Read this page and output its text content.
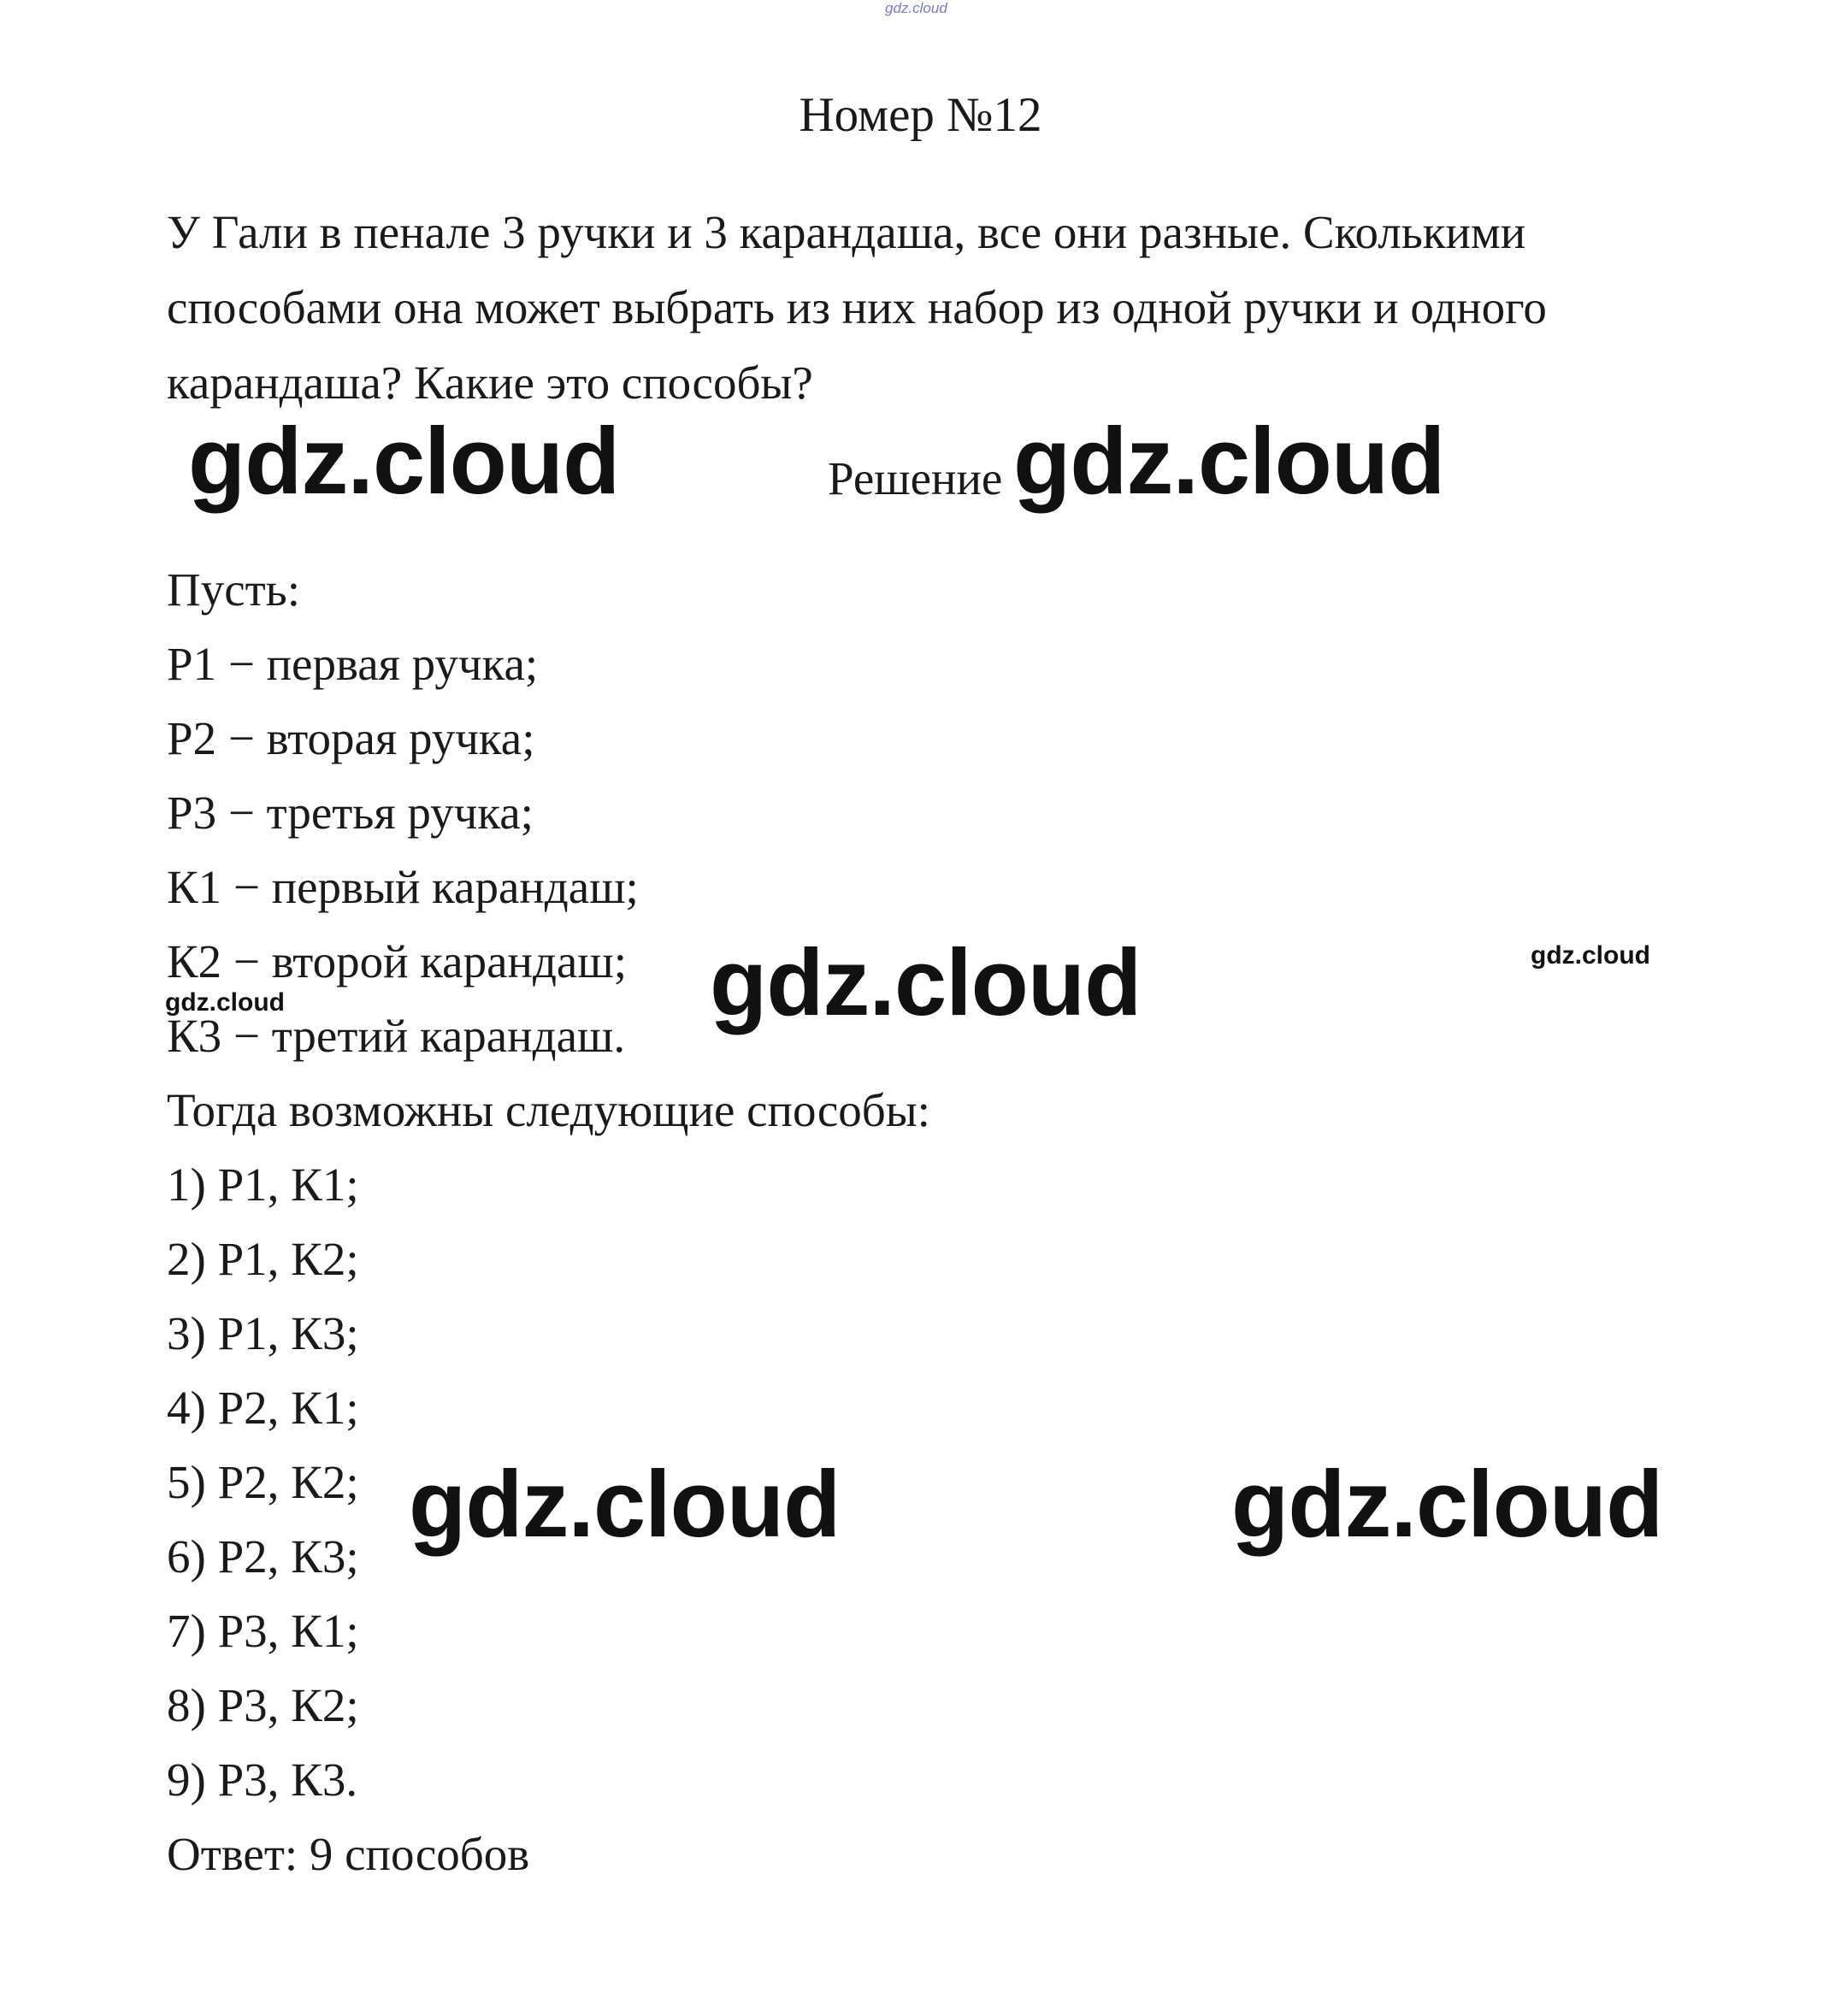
gdz.cloud
Номер №12
У Гали в пенале 3 ручки и 3 карандаша, все они разные. Сколькими способами она может выбрать из них набор из одной ручки и одного карандаша? Какие это способы?
Решение
Пусть:
Р1 − первая ручка;
Р2 − вторая ручка;
Р3 − третья ручка;
К1 − первый карандаш;
К2 − второй карандаш;
К3 − третий карандаш.
Тогда возможны следующие способы:
1) Р1, К1;
2) Р1, К2;
3) Р1, К3;
4) Р2, К1;
5) Р2, К2;
6) Р2, К3;
7) Р3, К1;
8) Р3, К2;
9) Р3, К3.
Ответ: 9 способов
gdz.cloud	gdz.cloud
gdz.cloud
gdz.cloud	gdz.cloud
gdz.cloud
gdz.cloud
